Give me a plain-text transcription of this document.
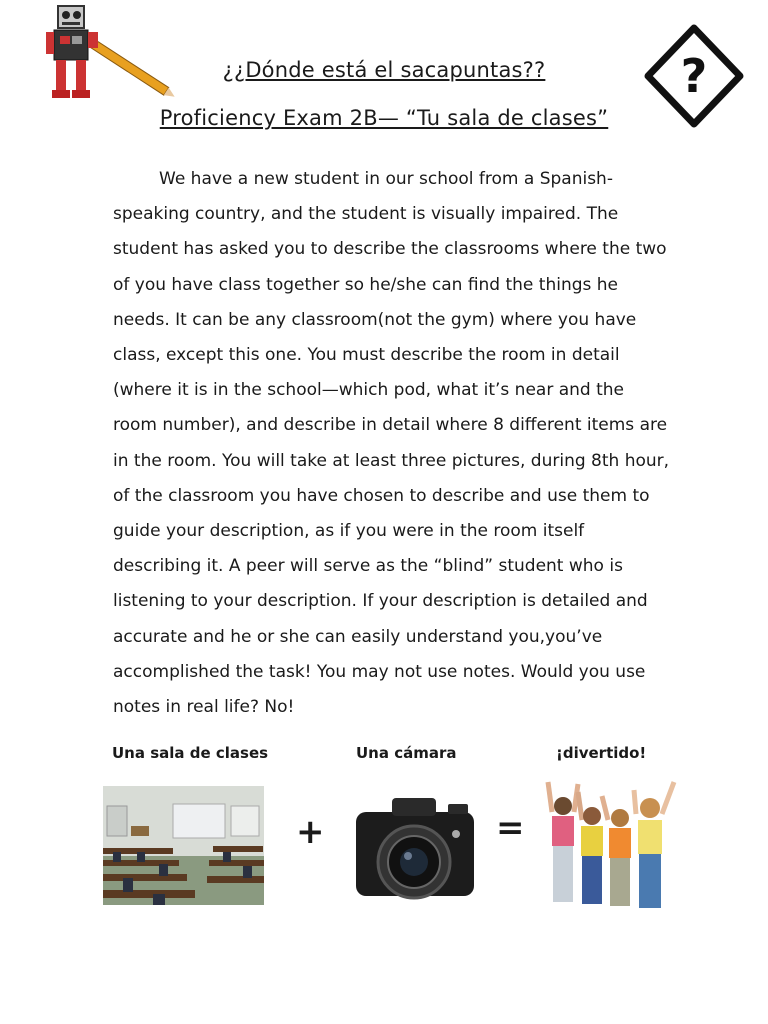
?
¿¿Dónde está el sacapuntas??
Proficiency Exam 2B— “Tu sala de clases”

We have a new student in our school from a Spanish-speaking country, and the student is visually impaired. The student has asked you to describe the classrooms where the two of you have class together so he/she can find the things he needs. It can be any classroom(not the gym) where you have class, except this one. You must describe the room in detail (where it is in the school—which pod, what it’s near and the room number), and describe in detail where 8 different items are in the room. You will take at least three pictures, during 8th hour, of the classroom you have chosen to describe and use them to guide your description, as if you were in the room itself describing it. A peer will serve as the “blind” student who is listening to your description. If your description is detailed and accurate and he or she can easily understand you,you’ve accomplished the task! You may not use notes. Would you use notes in real life? No!

Una sala de clases	Una cámara	¡divertido!
+	=
